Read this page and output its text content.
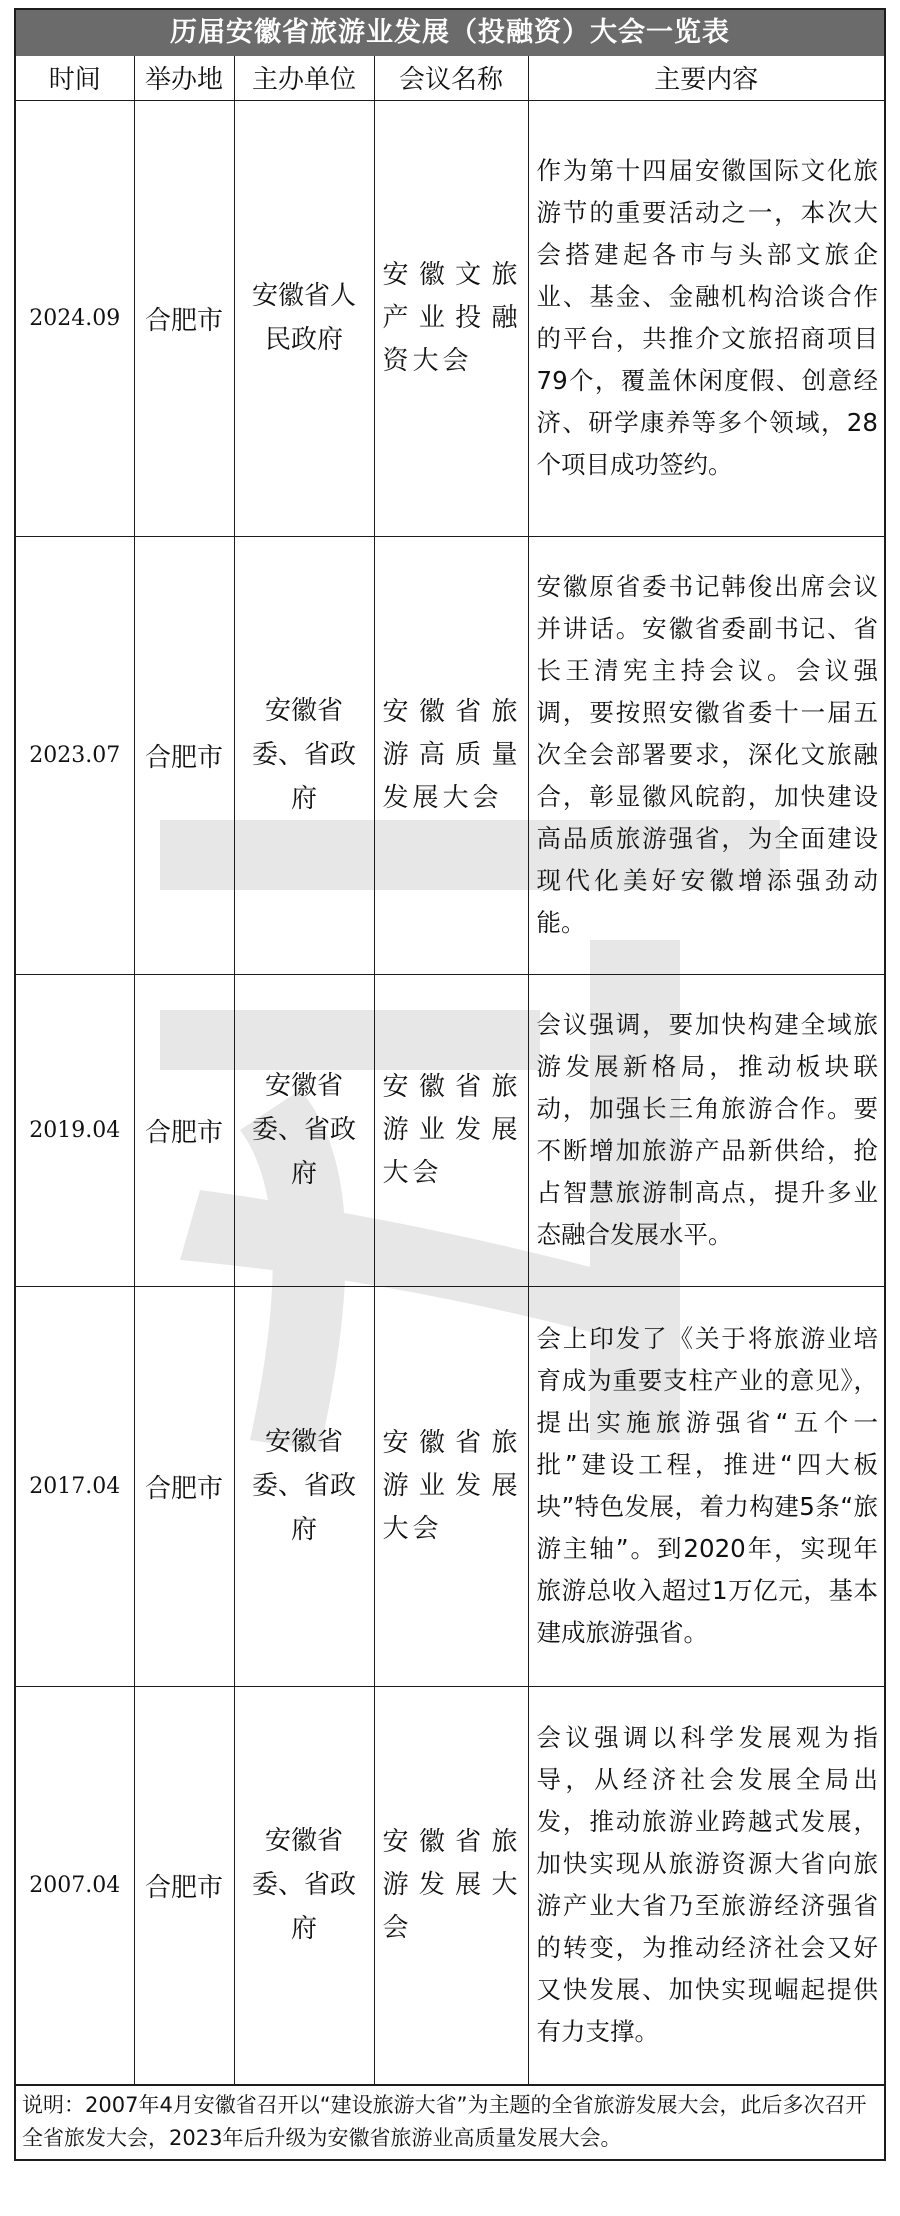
历届安徽省旅游业发展（投融资）大会一览表
时间	举办地	主办单位	会议名称	主要内容
2024.09	合肥市	安徽省人民政府	安徽文旅产业投融资大会	作为第十四届安徽国际文化旅游节的重要活动之一，本次大会搭建起各市与头部文旅企业、基金、金融机构洽谈合作的平台，共推介文旅招商项目79个，覆盖休闲度假、创意经济、研学康养等多个领域，28个项目成功签约。
2023.07	合肥市	安徽省委、省政府	安徽省旅游高质量发展大会	安徽原省委书记韩俊出席会议并讲话。安徽省委副书记、省长王清宪主持会议。会议强调，要按照安徽省委十一届五次全会部署要求，深化文旅融合，彰显徽风皖韵，加快建设高品质旅游强省，为全面建设现代化美好安徽增添强劲动能。
2019.04	合肥市	安徽省委、省政府	安徽省旅游业发展大会	会议强调，要加快构建全域旅游发展新格局，推动板块联动，加强长三角旅游合作。要不断增加旅游产品新供给，抢占智慧旅游制高点，提升多业态融合发展水平。
2017.04	合肥市	安徽省委、省政府	安徽省旅游业发展大会	会上印发了《关于将旅游业培育成为重要支柱产业的意见》，提出实施旅游强省“五个一批”建设工程，推进“四大板块”特色发展，着力构建5条“旅游主轴”。到2020年，实现年旅游总收入超过1万亿元，基本建成旅游强省。
2007.04	合肥市	安徽省委、省政府	安徽省旅游发展大会	会议强调以科学发展观为指导，从经济社会发展全局出发，推动旅游业跨越式发展，加快实现从旅游资源大省向旅游产业大省乃至旅游经济强省的转变，为推动经济社会又好又快发展、加快实现崛起提供有力支撑。
说明：2007年4月安徽省召开以“建设旅游大省”为主题的全省旅游发展大会，此后多次召开全省旅发大会，2023年后升级为安徽省旅游业高质量发展大会。
